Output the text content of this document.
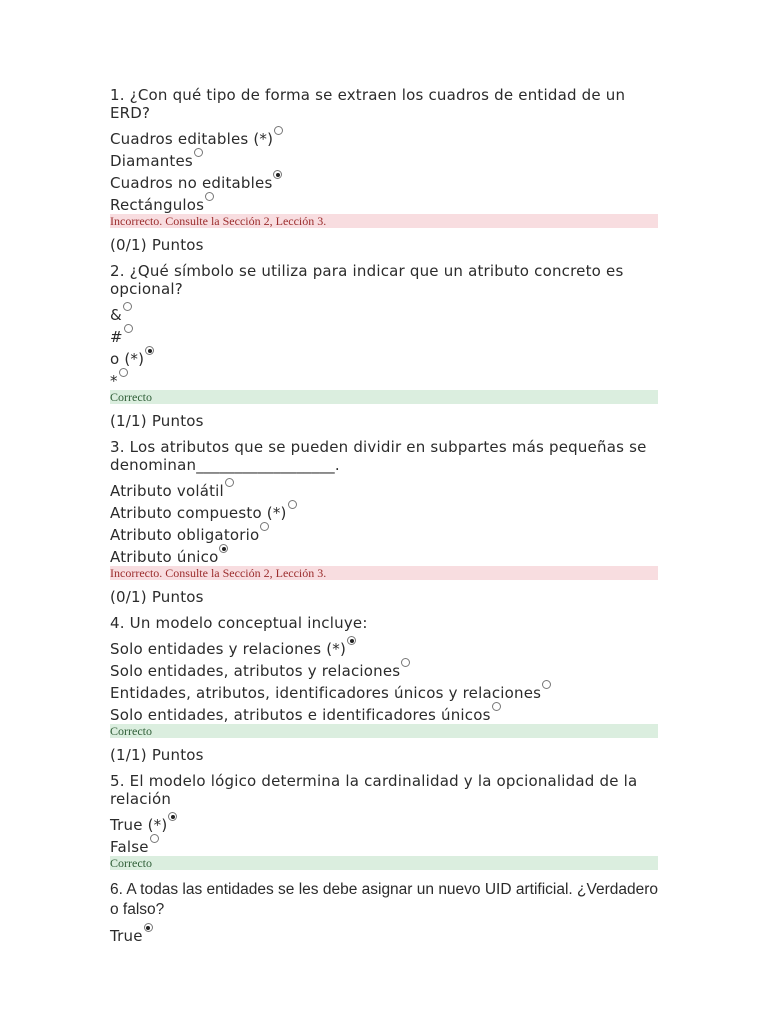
1. ¿Con qué tipo de forma se extraen los cuadros de entidad de un ERD?
Cuadros editables (*)
Diamantes
Cuadros no editables
Rectángulos
Incorrecto. Consulte la Sección 2, Lección 3.
(0/1) Puntos
2. ¿Qué símbolo se utiliza para indicar que un atributo concreto es opcional?
&
#
o (*)
*
Correcto
(1/1) Puntos
3. Los atributos que se pueden dividir en subpartes más pequeñas se denominan__________________.
Atributo volátil
Atributo compuesto (*)
Atributo obligatorio
Atributo único
Incorrecto. Consulte la Sección 2, Lección 3.
(0/1) Puntos
4. Un modelo conceptual incluye:
Solo entidades y relaciones (*)
Solo entidades, atributos y relaciones
Entidades, atributos, identificadores únicos y relaciones
Solo entidades, atributos e identificadores únicos
Correcto
(1/1) Puntos
5. El modelo lógico determina la cardinalidad y la opcionalidad de la relación
True (*)
False
Correcto
6. A todas las entidades se les debe asignar un nuevo UID artificial. ¿Verdadero o falso?
True
